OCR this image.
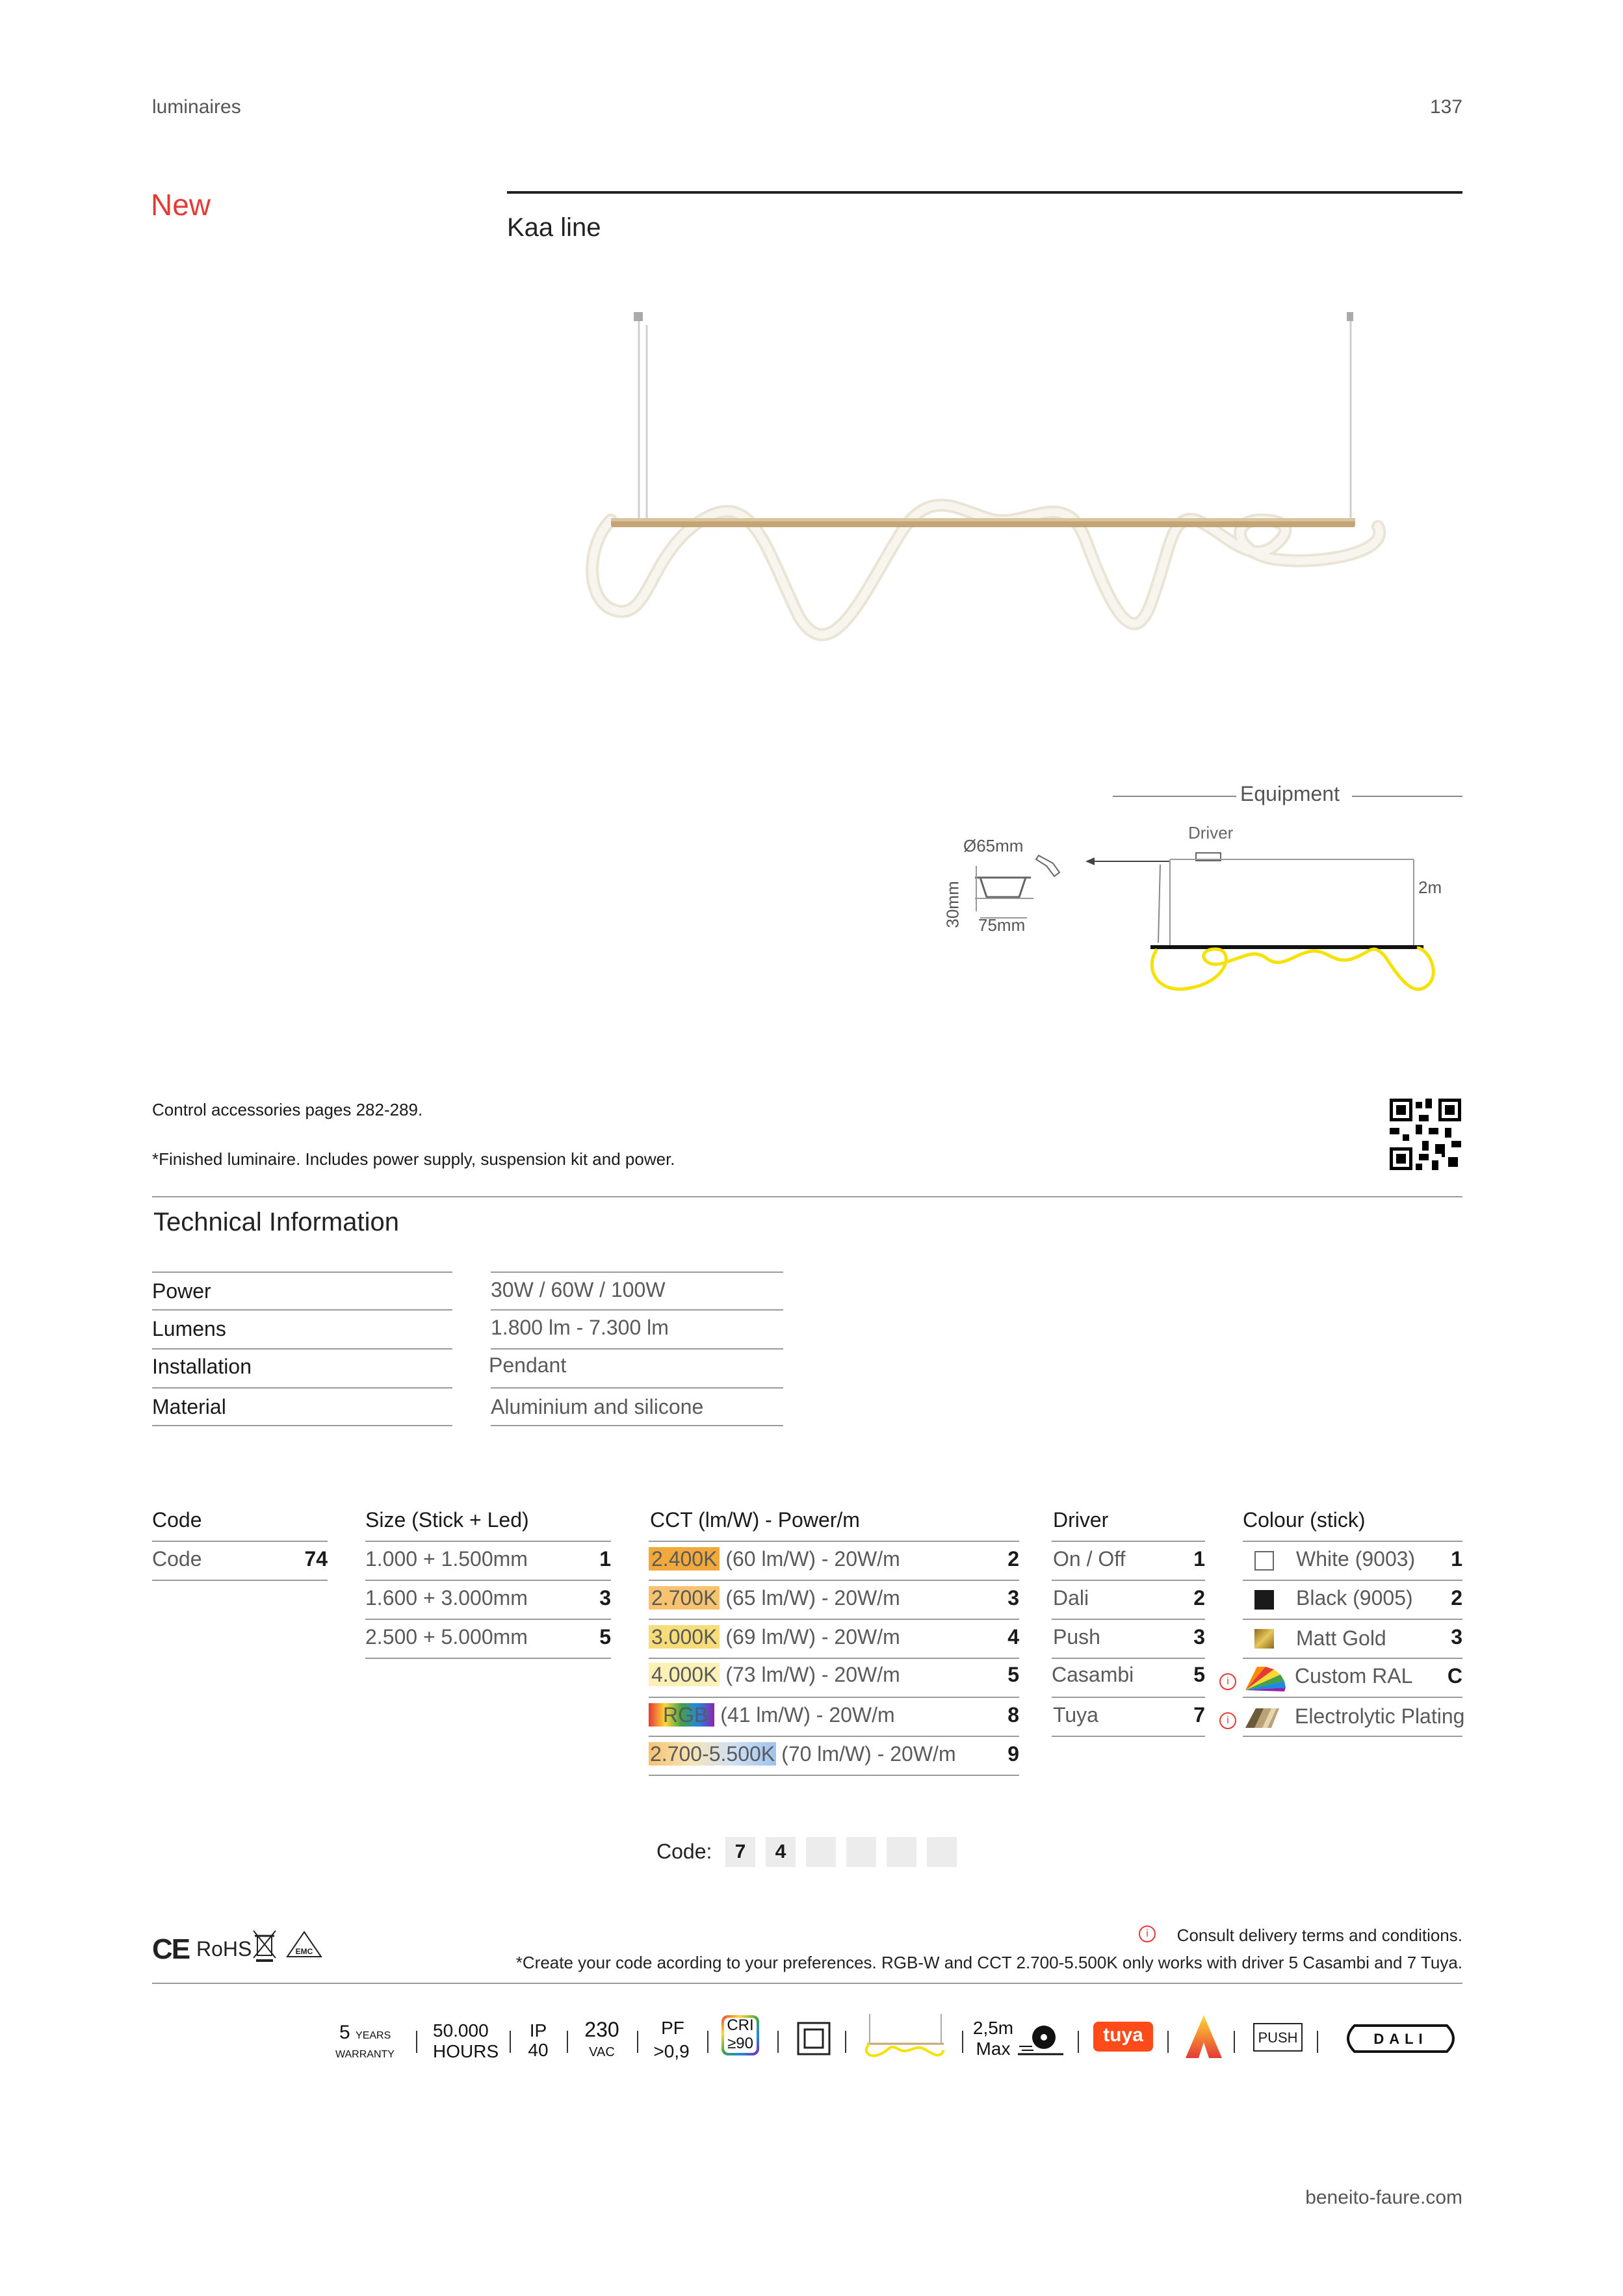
luminaires	137
New
Kaa line
Equipment
Driver
Ø65mm
30mm 75mm
2m
Control accessories pages 282-289.
*Finished luminaire. Includes power supply, suspension kit and power.
Technical Information
Power	30W / 60W / 100W
Lumens	1.800 lm - 7.300 lm
Installation	Pendant
Material	Aluminium and silicone
Code
Code	74
Size (Stick + Led)
1.000 + 1.500mm	1
1.600 + 3.000mm	3
2.500 + 5.000mm	5
CCT (lm/W) - Power/m
2.400K (60 lm/W) - 20W/m	2
2.700K (65 lm/W) - 20W/m	3
3.000K (69 lm/W) - 20W/m	4
4.000K (73 lm/W) - 20W/m	5
RGB (41 lm/W) - 20W/m	8
2.700-5.500K (70 lm/W) - 20W/m	9
Driver
On / Off	1
Dali	2
Push	3
Casambi	5
Tuya	7
Colour (stick)
White (9003)	1
Black (9005)	2
Matt Gold	3
i	Custom RAL	C
i	Electrolytic Plating
Code:	7	4
CE RoHS	EMC
i	Consult delivery terms and conditions.
*Create your code acording to your preferences. RGB-W and CCT 2.700-5.500K only works with driver 5 Casambi and 7 Tuya.
5 YEARS
WARRANTY
50.000
HOURS
IP
40
230
VAC
PF
>0,9
CRI
≥90
2,5m
Max
tuya	PUSH	DALI
beneito-faure.com
